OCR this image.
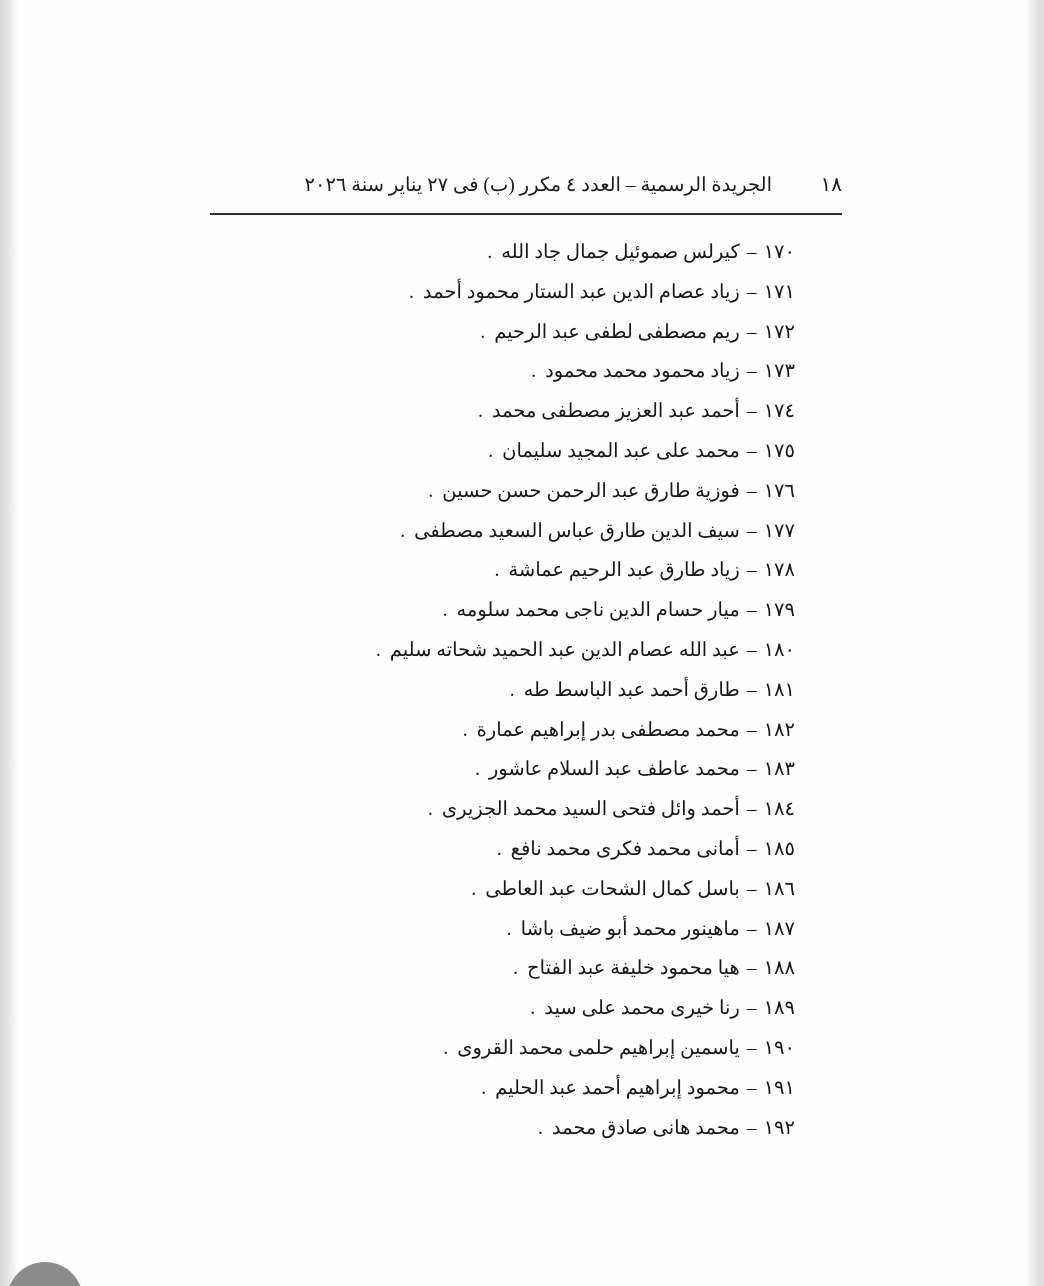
١٨
الجريدة الرسمية – العدد ٤ مكرر (ب) فى ٢٧ يناير سنة ٢٠٢٦
١٧٠
–
كيرلس صموئيل جمال جاد الله
.
١٧١
–
زياد عصام الدين عبد الستار محمود أحمد
.
١٧٢
–
ريم مصطفى لطفى عبد الرحيم
.
١٧٣
–
زياد محمود محمد محمود
.
١٧٤
–
أحمد عبد العزيز مصطفى محمد
.
١٧٥
–
محمد على عبد المجيد سليمان
.
١٧٦
–
فوزية طارق عبد الرحمن حسن حسين
.
١٧٧
–
سيف الدين طارق عباس السعيد مصطفى
.
١٧٨
–
زياد طارق عبد الرحيم عماشة
.
١٧٩
–
ميار حسام الدين ناجى محمد سلومه
.
١٨٠
–
عبد الله عصام الدين عبد الحميد شحاته سليم
.
١٨١
–
طارق أحمد عبد الباسط طه
.
١٨٢
–
محمد مصطفى بدر إبراهيم عمارة
.
١٨٣
–
محمد عاطف عبد السلام عاشور
.
١٨٤
–
أحمد وائل فتحى السيد محمد الجزيرى
.
١٨٥
–
أمانى محمد فكرى محمد نافع
.
١٨٦
–
باسل كمال الشحات عبد العاطى
.
١٨٧
–
ماهينور محمد أبو ضيف باشا
.
١٨٨
–
هيا محمود خليفة عبد الفتاح
.
١٨٩
–
رنا خيرى محمد على سيد
.
١٩٠
–
ياسمين إبراهيم حلمى محمد القروى
.
١٩١
–
محمود إبراهيم أحمد عبد الحليم
.
١٩٢
–
محمد هانى صادق محمد
.
